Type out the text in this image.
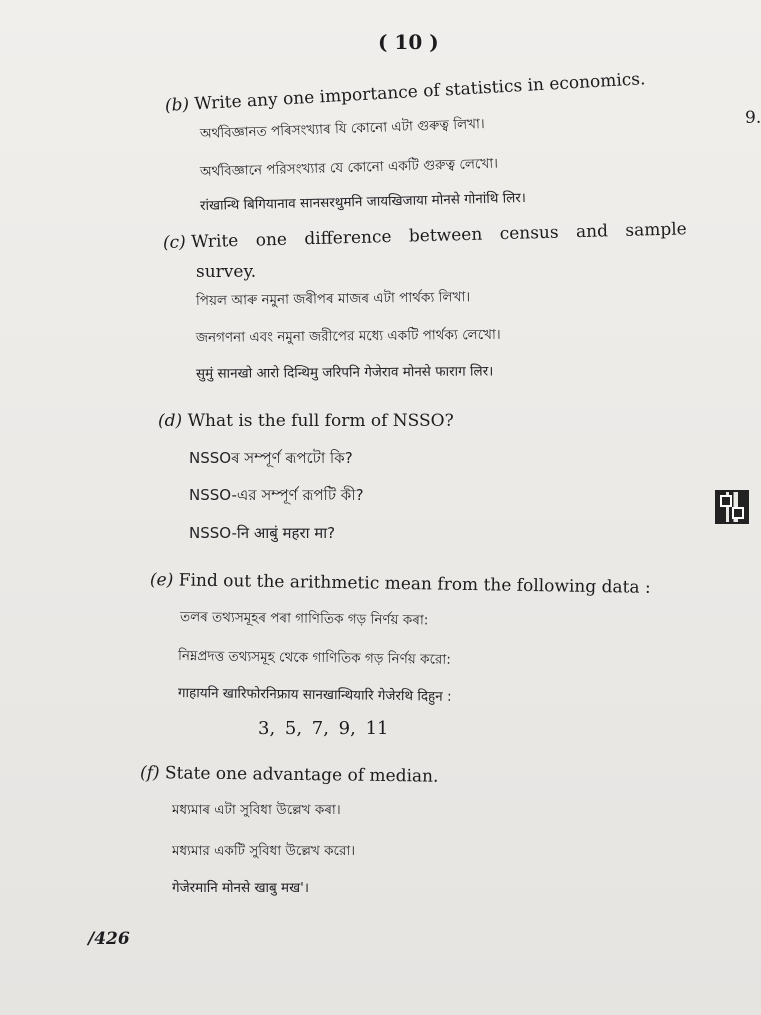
( 10 )
9.
(b) Write any one importance of statistics in economics.
অৰ্থবিজ্ঞানত পৰিসংখ্যাৰ যি কোনো এটা গুৰুত্ব লিখা।
অর্থবিজ্ঞানে পরিসংখ্যার যে কোনো একটি গুরুত্ব লেখো।
रांखान्थि बिगियानाव सानसरथुमनि जायखिजाया मोनसे गोनांथि लिर।
(c) Write one difference between census and sample
survey.
পিয়ল আৰু নমুনা জৰীপৰ মাজৰ এটা পাৰ্থক্য লিখা।
জনগণনা এবং নমুনা জরীপের মধ্যে একটি পার্থক্য লেখো।
सुमुं सानखो आरो दिन्थिमु जरिपनि गेजेराव मोनसे फाराग लिर।
(d) What is the full form of NSSO?
NSSOৰ সম্পূৰ্ণ ৰূপটো কি?
NSSO-এর সম্পূর্ণ রূপটি কী?
NSSO-नि आबुं महरा मा?
(e) Find out the arithmetic mean from the following data :
তলৰ তথ্যসমূহৰ পৰা গাণিতিক গড় নিৰ্ণয় কৰা:
নিম্নপ্রদত্ত তথ্যসমূহ থেকে গাণিতিক গড় নির্ণয় করো:
गाहायनि खारिफोरनिफ्राय सानखान्थियारि गेजेरथि दिहुन :
3, 5, 7, 9, 11
(f) State one advantage of median.
মধ্যমাৰ এটা সুবিধা উল্লেখ কৰা।
মধ্যমার একটি সুবিধা উল্লেখ করো।
गेजेरमानि मोनसे खाबु मख'।
/426
